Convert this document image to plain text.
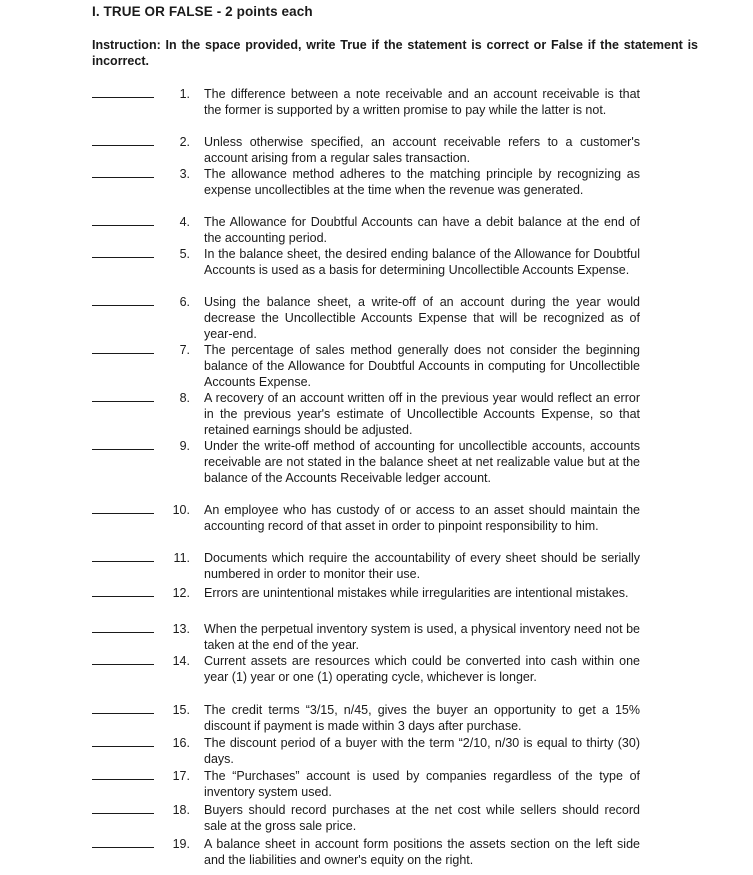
I. TRUE OR FALSE - 2 points each
Instruction: In the space provided, write True if the statement is correct or False if the statement is incorrect.
1. The difference between a note receivable and an account receivable is that the former is supported by a written promise to pay while the latter is not.
2. Unless otherwise specified, an account receivable refers to a customer's account arising from a regular sales transaction.
3. The allowance method adheres to the matching principle by recognizing as expense uncollectibles at the time when the revenue was generated.
4. The Allowance for Doubtful Accounts can have a debit balance at the end of the accounting period.
5. In the balance sheet, the desired ending balance of the Allowance for Doubtful Accounts is used as a basis for determining Uncollectible Accounts Expense.
6. Using the balance sheet, a write-off of an account during the year would decrease the Uncollectible Accounts Expense that will be recognized as of year-end.
7. The percentage of sales method generally does not consider the beginning balance of the Allowance for Doubtful Accounts in computing for Uncollectible Accounts Expense.
8. A recovery of an account written off in the previous year would reflect an error in the previous year's estimate of Uncollectible Accounts Expense, so that retained earnings should be adjusted.
9. Under the write-off method of accounting for uncollectible accounts, accounts receivable are not stated in the balance sheet at net realizable value but at the balance of the Accounts Receivable ledger account.
10. An employee who has custody of or access to an asset should maintain the accounting record of that asset in order to pinpoint responsibility to him.
11. Documents which require the accountability of every sheet should be serially numbered in order to monitor their use.
12. Errors are unintentional mistakes while irregularities are intentional mistakes.
13. When the perpetual inventory system is used, a physical inventory need not be taken at the end of the year.
14. Current assets are resources which could be converted into cash within one year (1) year or one (1) operating cycle, whichever is longer.
15. The credit terms “3/15, n/45, gives the buyer an opportunity to get a 15% discount if payment is made within 3 days after purchase.
16. The discount period of a buyer with the term “2/10, n/30 is equal to thirty (30) days.
17. The “Purchases” account is used by companies regardless of the type of inventory system used.
18. Buyers should record purchases at the net cost while sellers should record sale at the gross sale price.
19. A balance sheet in account form positions the assets section on the left side and the liabilities and owner's equity on the right.
